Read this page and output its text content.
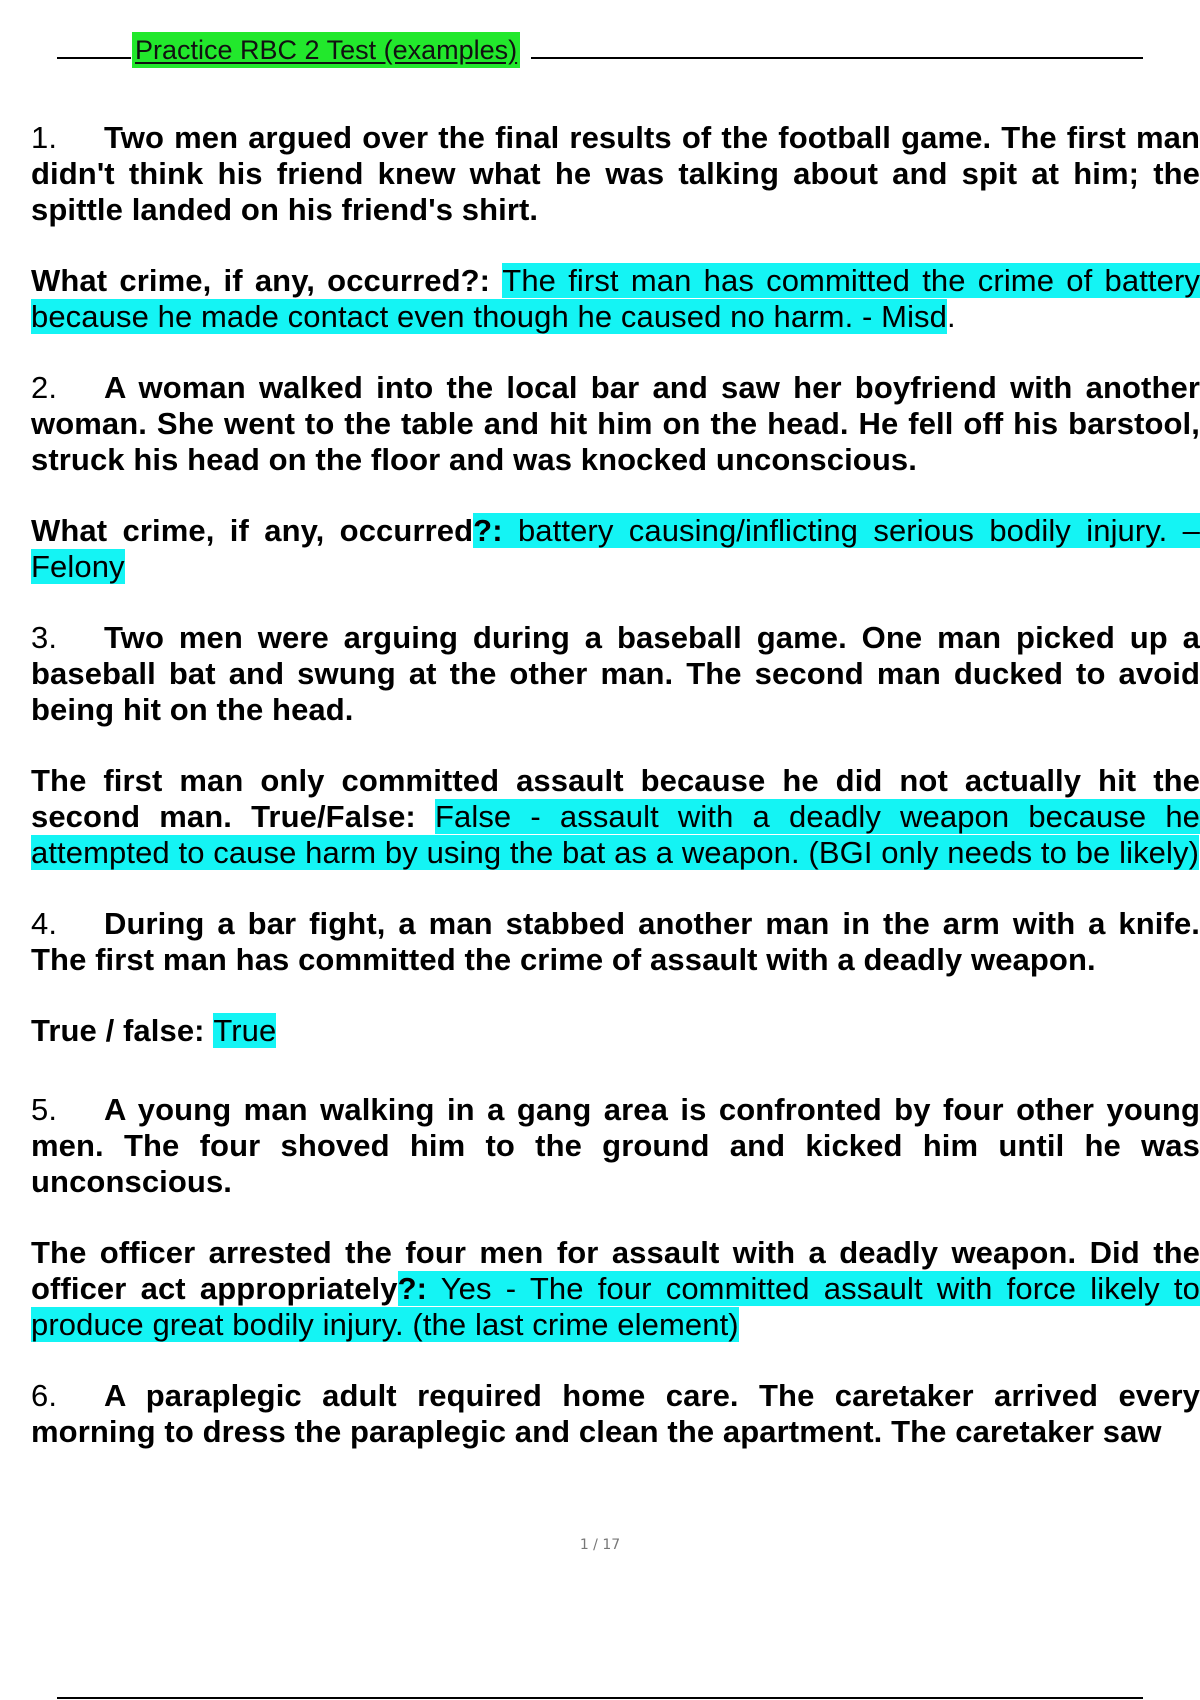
Practice RBC 2 Test (examples)

1. Two men argued over the final results of the football game. The first man didn't think his friend knew what he was talking about and spit at him; the spittle landed on his friend's shirt.

What crime, if any, occurred?: The first man has committed the crime of battery because he made contact even though he caused no harm. - Misd.

2. A woman walked into the local bar and saw her boyfriend with another woman. She went to the table and hit him on the head. He fell off his barstool, struck his head on the floor and was knocked unconscious.

What crime, if any, occurred?: battery causing/inflicting serious bodily injury. – Felony

3. Two men were arguing during a baseball game. One man picked up a baseball bat and swung at the other man. The second man ducked to avoid being hit on the head.

The first man only committed assault because he did not actually hit the second man. True/False: False - assault with a deadly weapon because he attempted to cause harm by using the bat as a weapon. (BGI only needs to be likely)

4. During a bar fight, a man stabbed another man in the arm with a knife. The first man has committed the crime of assault with a deadly weapon.

True / false: True

5. A young man walking in a gang area is confronted by four other young men. The four shoved him to the ground and kicked him until he was unconscious.

The officer arrested the four men for assault with a deadly weapon. Did the officer act appropriately?: Yes - The four committed assault with force likely to produce great bodily injury. (the last crime element)

6. A paraplegic adult required home care. The caretaker arrived every morning to dress the paraplegic and clean the apartment. The caretaker saw

1 / 17
